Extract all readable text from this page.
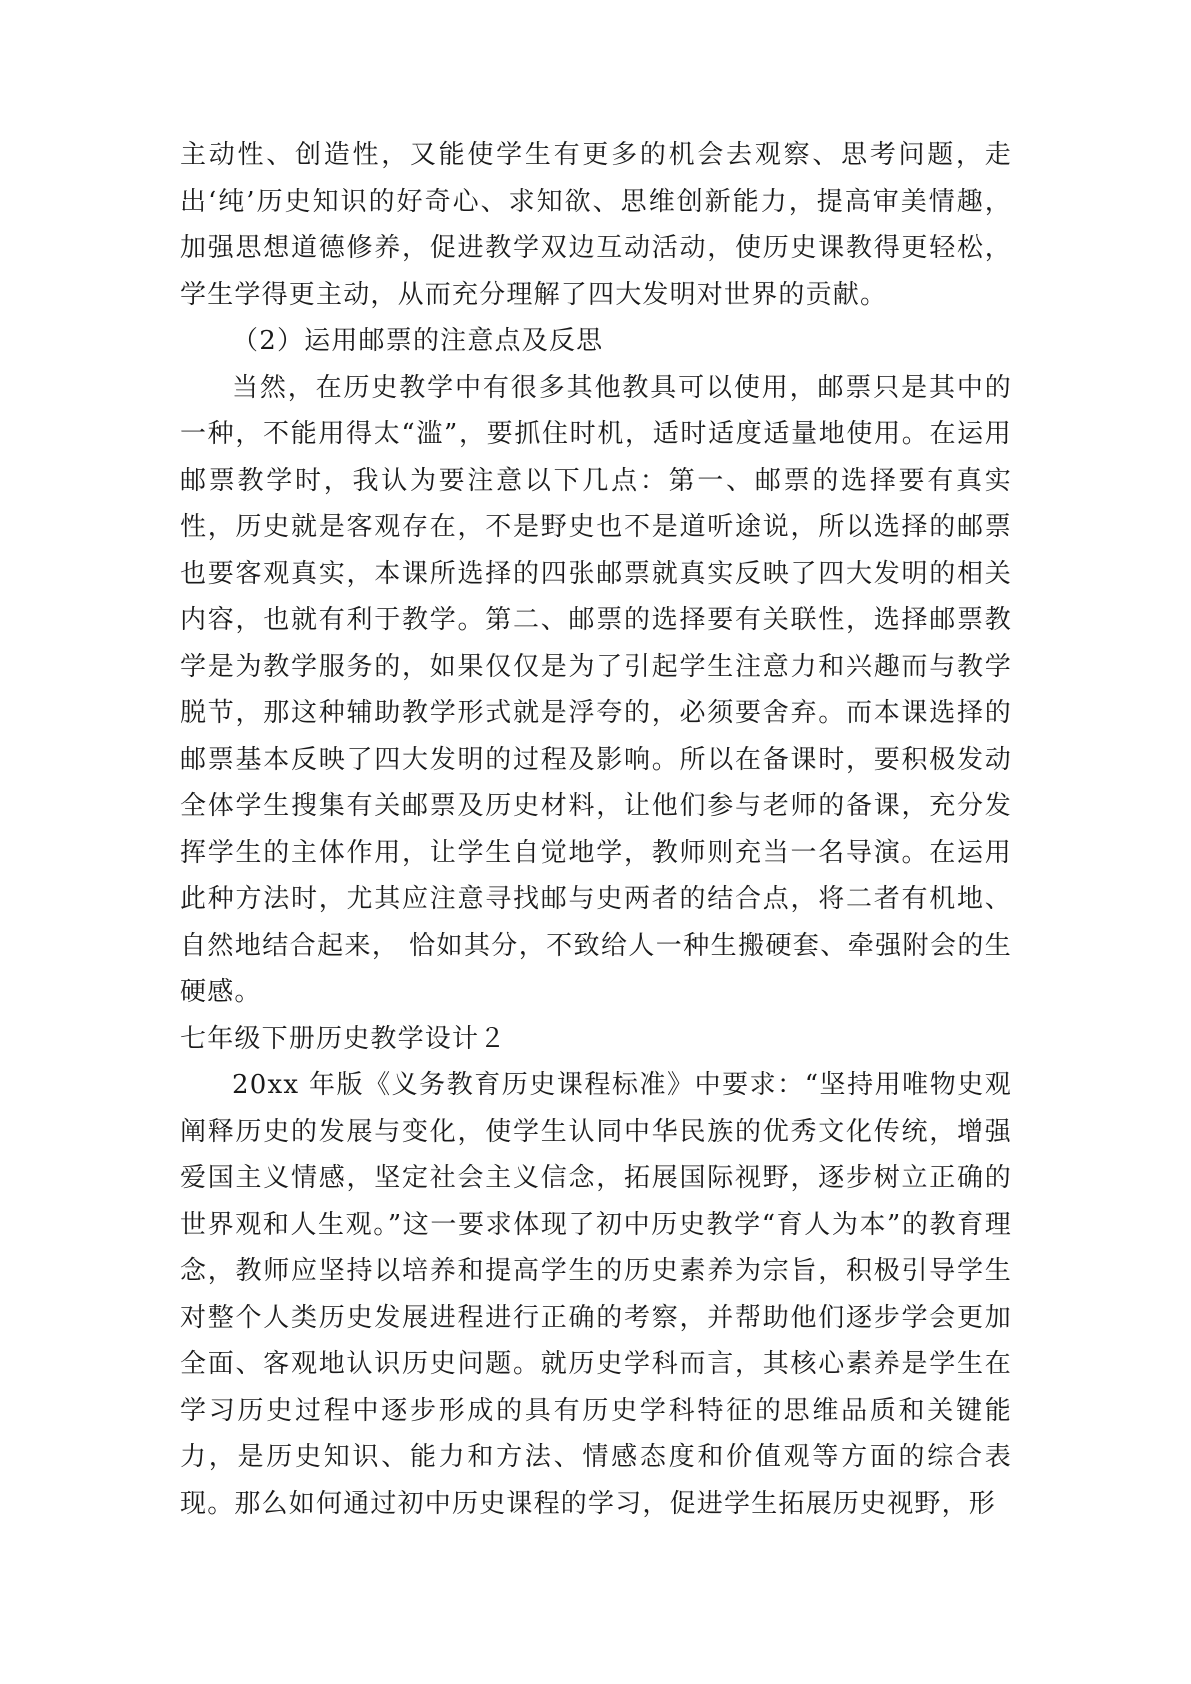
主动性、创造性，又能使学生有更多的机会去观察、思考问题，走出‘纯’历史知识的好奇心、求知欲、思维创新能力，提高审美情趣，加强思想道德修养，促进教学双边互动活动，使历史课教得更轻松，学生学得更主动，从而充分理解了四大发明对世界的贡献。

（2）运用邮票的注意点及反思

当然，在历史教学中有很多其他教具可以使用，邮票只是其中的一种，不能用得太“滥”，要抓住时机，适时适度适量地使用。在运用邮票教学时，我认为要注意以下几点：第一、邮票的选择要有真实性，历史就是客观存在，不是野史也不是道听途说，所以选择的邮票也要客观真实，本课所选择的四张邮票就真实反映了四大发明的相关内容，也就有利于教学。第二、邮票的选择要有关联性，选择邮票教学是为教学服务的，如果仅仅是为了引起学生注意力和兴趣而与教学脱节，那这种辅助教学形式就是浮夸的，必须要舍弃。而本课选择的邮票基本反映了四大发明的过程及影响。所以在备课时，要积极发动全体学生搜集有关邮票及历史材料，让他们参与老师的备课，充分发挥学生的主体作用，让学生自觉地学，教师则充当一名导演。在运用此种方法时，尤其应注意寻找邮与史两者的结合点，将二者有机地、自然地结合起来， 恰如其分，不致给人一种生搬硬套、牵强附会的生硬感。

七年级下册历史教学设计２

20xx 年版《义务教育历史课程标准》中要求：“坚持用唯物史观阐释历史的发展与变化，使学生认同中华民族的优秀文化传统，增强爱国主义情感，坚定社会主义信念，拓展国际视野，逐步树立正确的世界观和人生观。”这一要求体现了初中历史教学“育人为本”的教育理念，教师应坚持以培养和提高学生的历史素养为宗旨，积极引导学生对整个人类历史发展进程进行正确的考察，并帮助他们逐步学会更加全面、客观地认识历史问题。就历史学科而言，其核心素养是学生在学习历史过程中逐步形成的具有历史学科特征的思维品质和关键能力，是历史知识、能力和方法、情感态度和价值观等方面的综合表现。那么如何通过初中历史课程的学习，促进学生拓展历史视野，形
